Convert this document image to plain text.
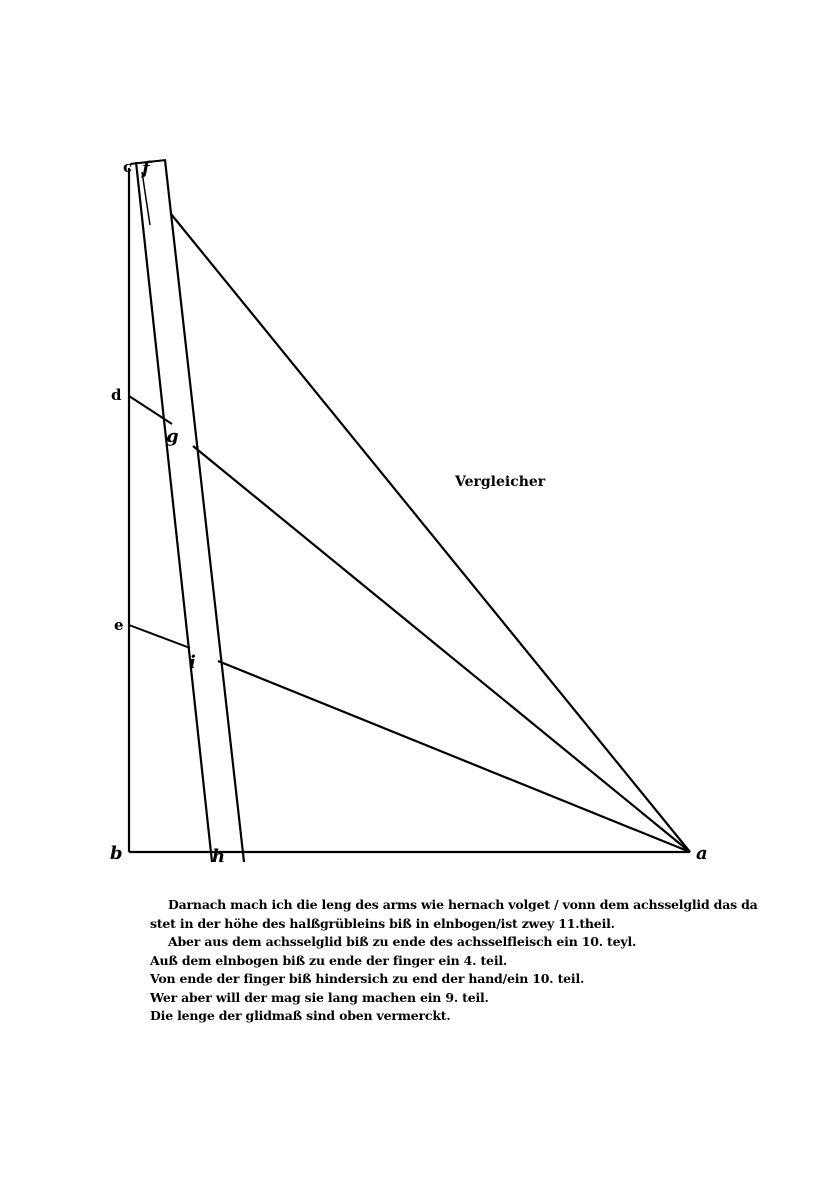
c f
d
g
e
i
b	h	a
Vergleicher
Darnach mach ich die leng des arms wie hernach volget / vonn dem achsselglid das da
stet in der höhe des halßgrübleins biß in elnbogen/ist zwey 11.theil.
Aber aus dem achsselglid biß zu ende des achsselfleisch ein 10. teyl.
Auß dem elnbogen biß zu ende der finger ein 4. teil.
Von ende der finger biß hindersich zu end der hand/ein 10. teil.
Wer aber will der mag sie lang machen ein 9. teil.
Die lenge der glidmaß sind oben vermerckt.
